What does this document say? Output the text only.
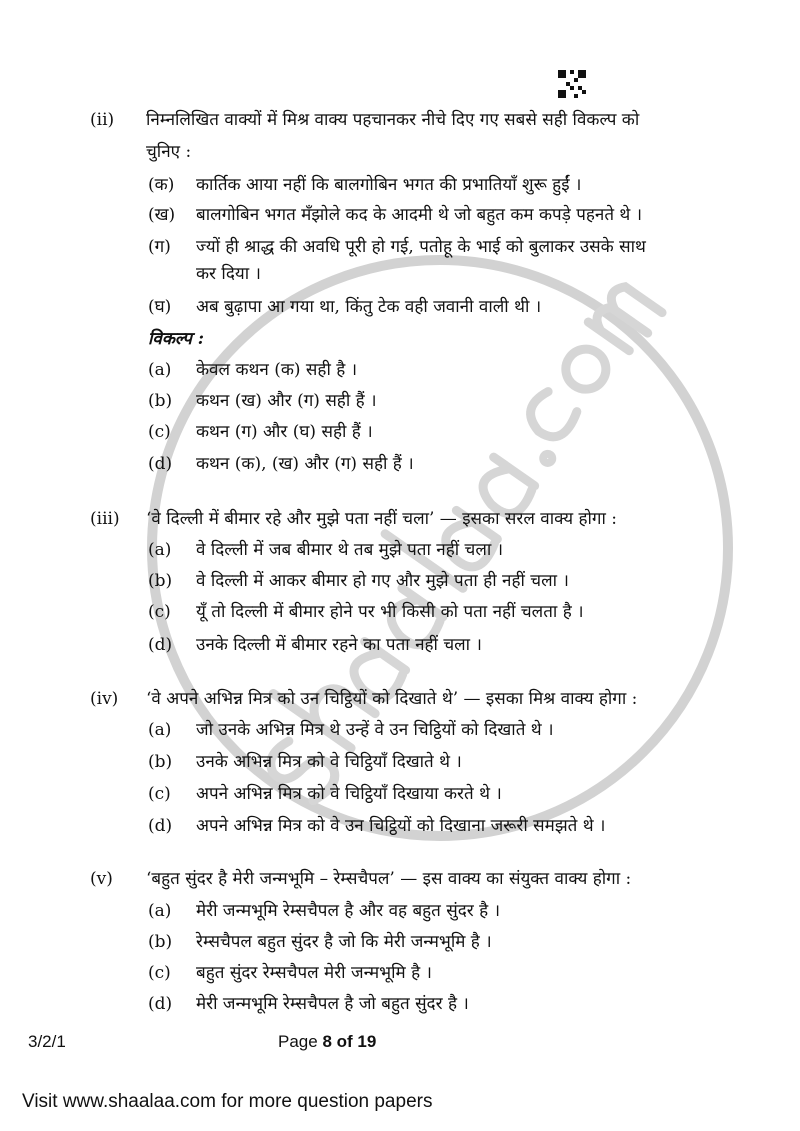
(ii) निम्नलिखित वाक्यों में मिश्र वाक्य पहचानकर नीचे दिए गए सबसे सही विकल्प को
चुनिए :
(क) कार्तिक आया नहीं कि बालगोबिन भगत की प्रभातियाँ शुरू हुईं ।
(ख) बालगोबिन भगत मँझोले कद के आदमी थे जो बहुत कम कपड़े पहनते थे ।
(ग) ज्यों ही श्राद्ध की अवधि पूरी हो गई, पतोहू के भाई को बुलाकर उसके साथ
कर दिया ।
(घ) अब बुढ़ापा आ गया था, किंतु टेक वही जवानी वाली थी ।
विकल्प :
(a) केवल कथन (क) सही है ।
(b) कथन (ख) और (ग) सही हैं ।
(c) कथन (ग) और (घ) सही हैं ।
(d) कथन (क), (ख) और (ग) सही हैं ।
(iii) ‘वे दिल्ली में बीमार रहे और मुझे पता नहीं चला’ — इसका सरल वाक्य होगा :
(a) वे दिल्ली में जब बीमार थे तब मुझे पता नहीं चला ।
(b) वे दिल्ली में आकर बीमार हो गए और मुझे पता ही नहीं चला ।
(c) यूँ तो दिल्ली में बीमार होने पर भी किसी को पता नहीं चलता है ।
(d) उनके दिल्ली में बीमार रहने का पता नहीं चला ।
(iv) ‘वे अपने अभिन्न मित्र को उन चिट्ठियों को दिखाते थे’ — इसका मिश्र वाक्य होगा :
(a) जो उनके अभिन्न मित्र थे उन्हें वे उन चिट्ठियों को दिखाते थे ।
(b) उनके अभिन्न मित्र को वे चिट्ठियाँ दिखाते थे ।
(c) अपने अभिन्न मित्र को वे चिट्ठियाँ दिखाया करते थे ।
(d) अपने अभिन्न मित्र को वे उन चिट्ठियों को दिखाना जरूरी समझते थे ।
(v) ‘बहुत सुंदर है मेरी जन्मभूमि – रेम्सचैपल’ — इस वाक्य का संयुक्त वाक्य होगा :
(a) मेरी जन्मभूमि रेम्सचैपल है और वह बहुत सुंदर है ।
(b) रेम्सचैपल बहुत सुंदर है जो कि मेरी जन्मभूमि है ।
(c) बहुत सुंदर रेम्सचैपल मेरी जन्मभूमि है ।
(d) मेरी जन्मभूमि रेम्सचैपल है जो बहुत सुंदर है ।
3/2/1	Page 8 of 19
Visit www.shaalaa.com for more question papers
